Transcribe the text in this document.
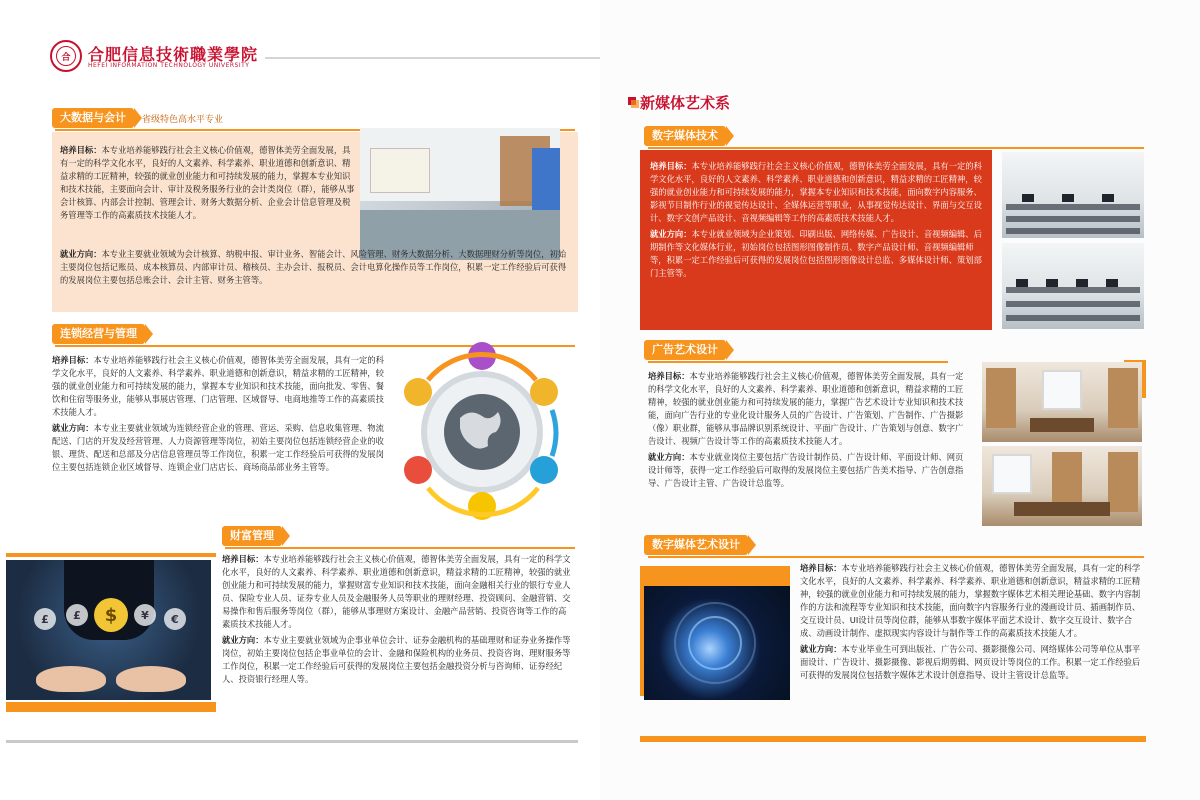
合	合肥信息技術職業學院
HEFEI INFORMATION TECHNOLOGY UNIVERSITY
大数据与会计	省级特色高水平专业

培养目标：本专业培养能够践行社会主义核心价值观，德智体美劳全面发展，具有一定的科学文化水平，良好的人文素养、科学素养、职业道德和创新意识、精益求精的工匠精神，较强的就业创业能力和可持续发展的能力，掌握本专业知识和技术技能，主要面向会计、审计及税务服务行业的会计类岗位（群），能够从事会计核算、内部会计控制、管理会计、财务大数据分析、企业会计信息管理及税务管理等工作的高素质技术技能人才。

就业方向：本专业主要就业领域为会计核算、纳税申报、审计业务、智能会计、风险管理、财务大数据分析、大数据理财分析等岗位，初始主要岗位包括记账员、成本核算员、内部审计员、稽核员、主办会计、报税员、会计电算化操作员等工作岗位，积累一定工作经验后可获得的发展岗位主要包括总账会计、会计主管、财务主管等。

连锁经营与管理

培养目标：本专业培养能够践行社会主义核心价值观，德智体美劳全面发展，具有一定的科学文化水平，良好的人文素养、科学素养、职业道德和创新意识，精益求精的工匠精神，较强的就业创业能力和可持续发展的能力，掌握本专业知识和技术技能，面向批发、零售、餐饮和住宿等服务业，能够从事展店管理、门店管理、区域督导、电商地推等工作的高素质技术技能人才。

就业方向：本专业主要就业领域为连锁经营企业的管理、营运、采购、信息收集管理、物流配送、门店的开发及经营管理、人力资源管理等岗位，初始主要岗位包括连锁经营企业的收银、理货、配送和总部及分店信息管理员等工作岗位，积累一定工作经验后可获得的发展岗位主要包括连锁企业区域督导、连锁企业门店店长、商场商品部业务主管等。

财富管理
£	£	$	¥	€

培养目标：本专业培养能够践行社会主义核心价值观，德智体美劳全面发展，具有一定的科学文化水平，良好的人文素养、科学素养、职业道德和创新意识，精益求精的工匠精神，较强的就业创业能力和可持续发展的能力，掌握财富专业知识和技术技能，面向金融相关行业的银行专业人员、保险专业人员、证券专业人员及金融服务人员等职业的理财经理、投资顾问、金融营销、交易操作和售后服务等岗位（群），能够从事理财方案设计、金融产品营销、投资咨询等工作的高素质技术技能人才。

就业方向：本专业主要就业领域为企事业单位会计、证券金融机构的基础理财和证券业务操作等岗位，初始主要岗位包括企事业单位的会计、金融和保险机构的业务员、投资咨询、理财服务等工作岗位，积累一定工作经验后可获得的发展岗位主要包括金融投资分析与咨询师、证券经纪人、投资银行经理人等。

新媒体艺术系
数字媒体技术

培养目标：本专业培养能够践行社会主义核心价值观，德智体美劳全面发展，具有一定的科学文化水平，良好的人文素养、科学素养、职业道德和创新意识，精益求精的工匠精神，较强的就业创业能力和可持续发展的能力，掌握本专业知识和技术技能，面向数字内容服务、影视节目制作行业的视觉传达设计、全媒体运营等职业，从事视觉传达设计、界面与交互设计、数字文创产品设计、音视频编辑等工作的高素质技术技能人才。

就业方向：本专业就业领域为企业策划、印刷出版、网络传媒、广告设计、音视频编辑、后期制作等文化媒体行业，初始岗位包括图形图像制作员、数字产品设计师、音视频编辑师等，积累一定工作经验后可获得的发展岗位包括图形图像设计总监、多媒体设计师、策划部门主管等。

广告艺术设计

培养目标：本专业培养能够践行社会主义核心价值观，德智体美劳全面发展，具有一定的科学文化水平，良好的人文素养、科学素养、职业道德和创新意识，精益求精的工匠精神，较强的就业创业能力和可持续发展的能力，掌握广告艺术设计专业知识和技术技能，面向广告行业的专业化设计服务人员的广告设计、广告策划、广告制作、广告摄影（像）职业群，能够从事品牌识别系统设计、平面广告设计、广告策划与创意、数字广告设计、视频广告设计等工作的高素质技术技能人才。

就业方向：本专业就业岗位主要包括广告设计制作员、广告设计师、平面设计师、网页设计师等，获得一定工作经验后可取得的发展岗位主要包括广告美术指导、广告创意指导、广告设计主管、广告设计总监等。

数字媒体艺术设计

培养目标：本专业培养能够践行社会主义核心价值观，德智体美劳全面发展，具有一定的科学文化水平，良好的人文素养、科学素养、科学素养、职业道德和创新意识，精益求精的工匠精神，较强的就业创业能力和可持续发展的能力，掌握数字媒体艺术相关理论基础、数字内容制作的方法和流程等专业知识和技术技能，面向数字内容服务行业的漫画设计员、插画制作员、交互设计员、UI设计员等岗位群，能够从事数字媒体平面艺术设计、数字交互设计、数字合成、动画设计制作、虚拟现实内容设计与制作等工作的高素质技术技能人才。

就业方向：本专业毕业生可到出版社、广告公司、摄影摄像公司、网络媒体公司等单位从事平面设计、广告设计、摄影摄像、影视后期剪辑、网页设计等岗位的工作。积累一定工作经验后可获得的发展岗位包括数字媒体艺术设计创意指导、设计主管设计总监等。
